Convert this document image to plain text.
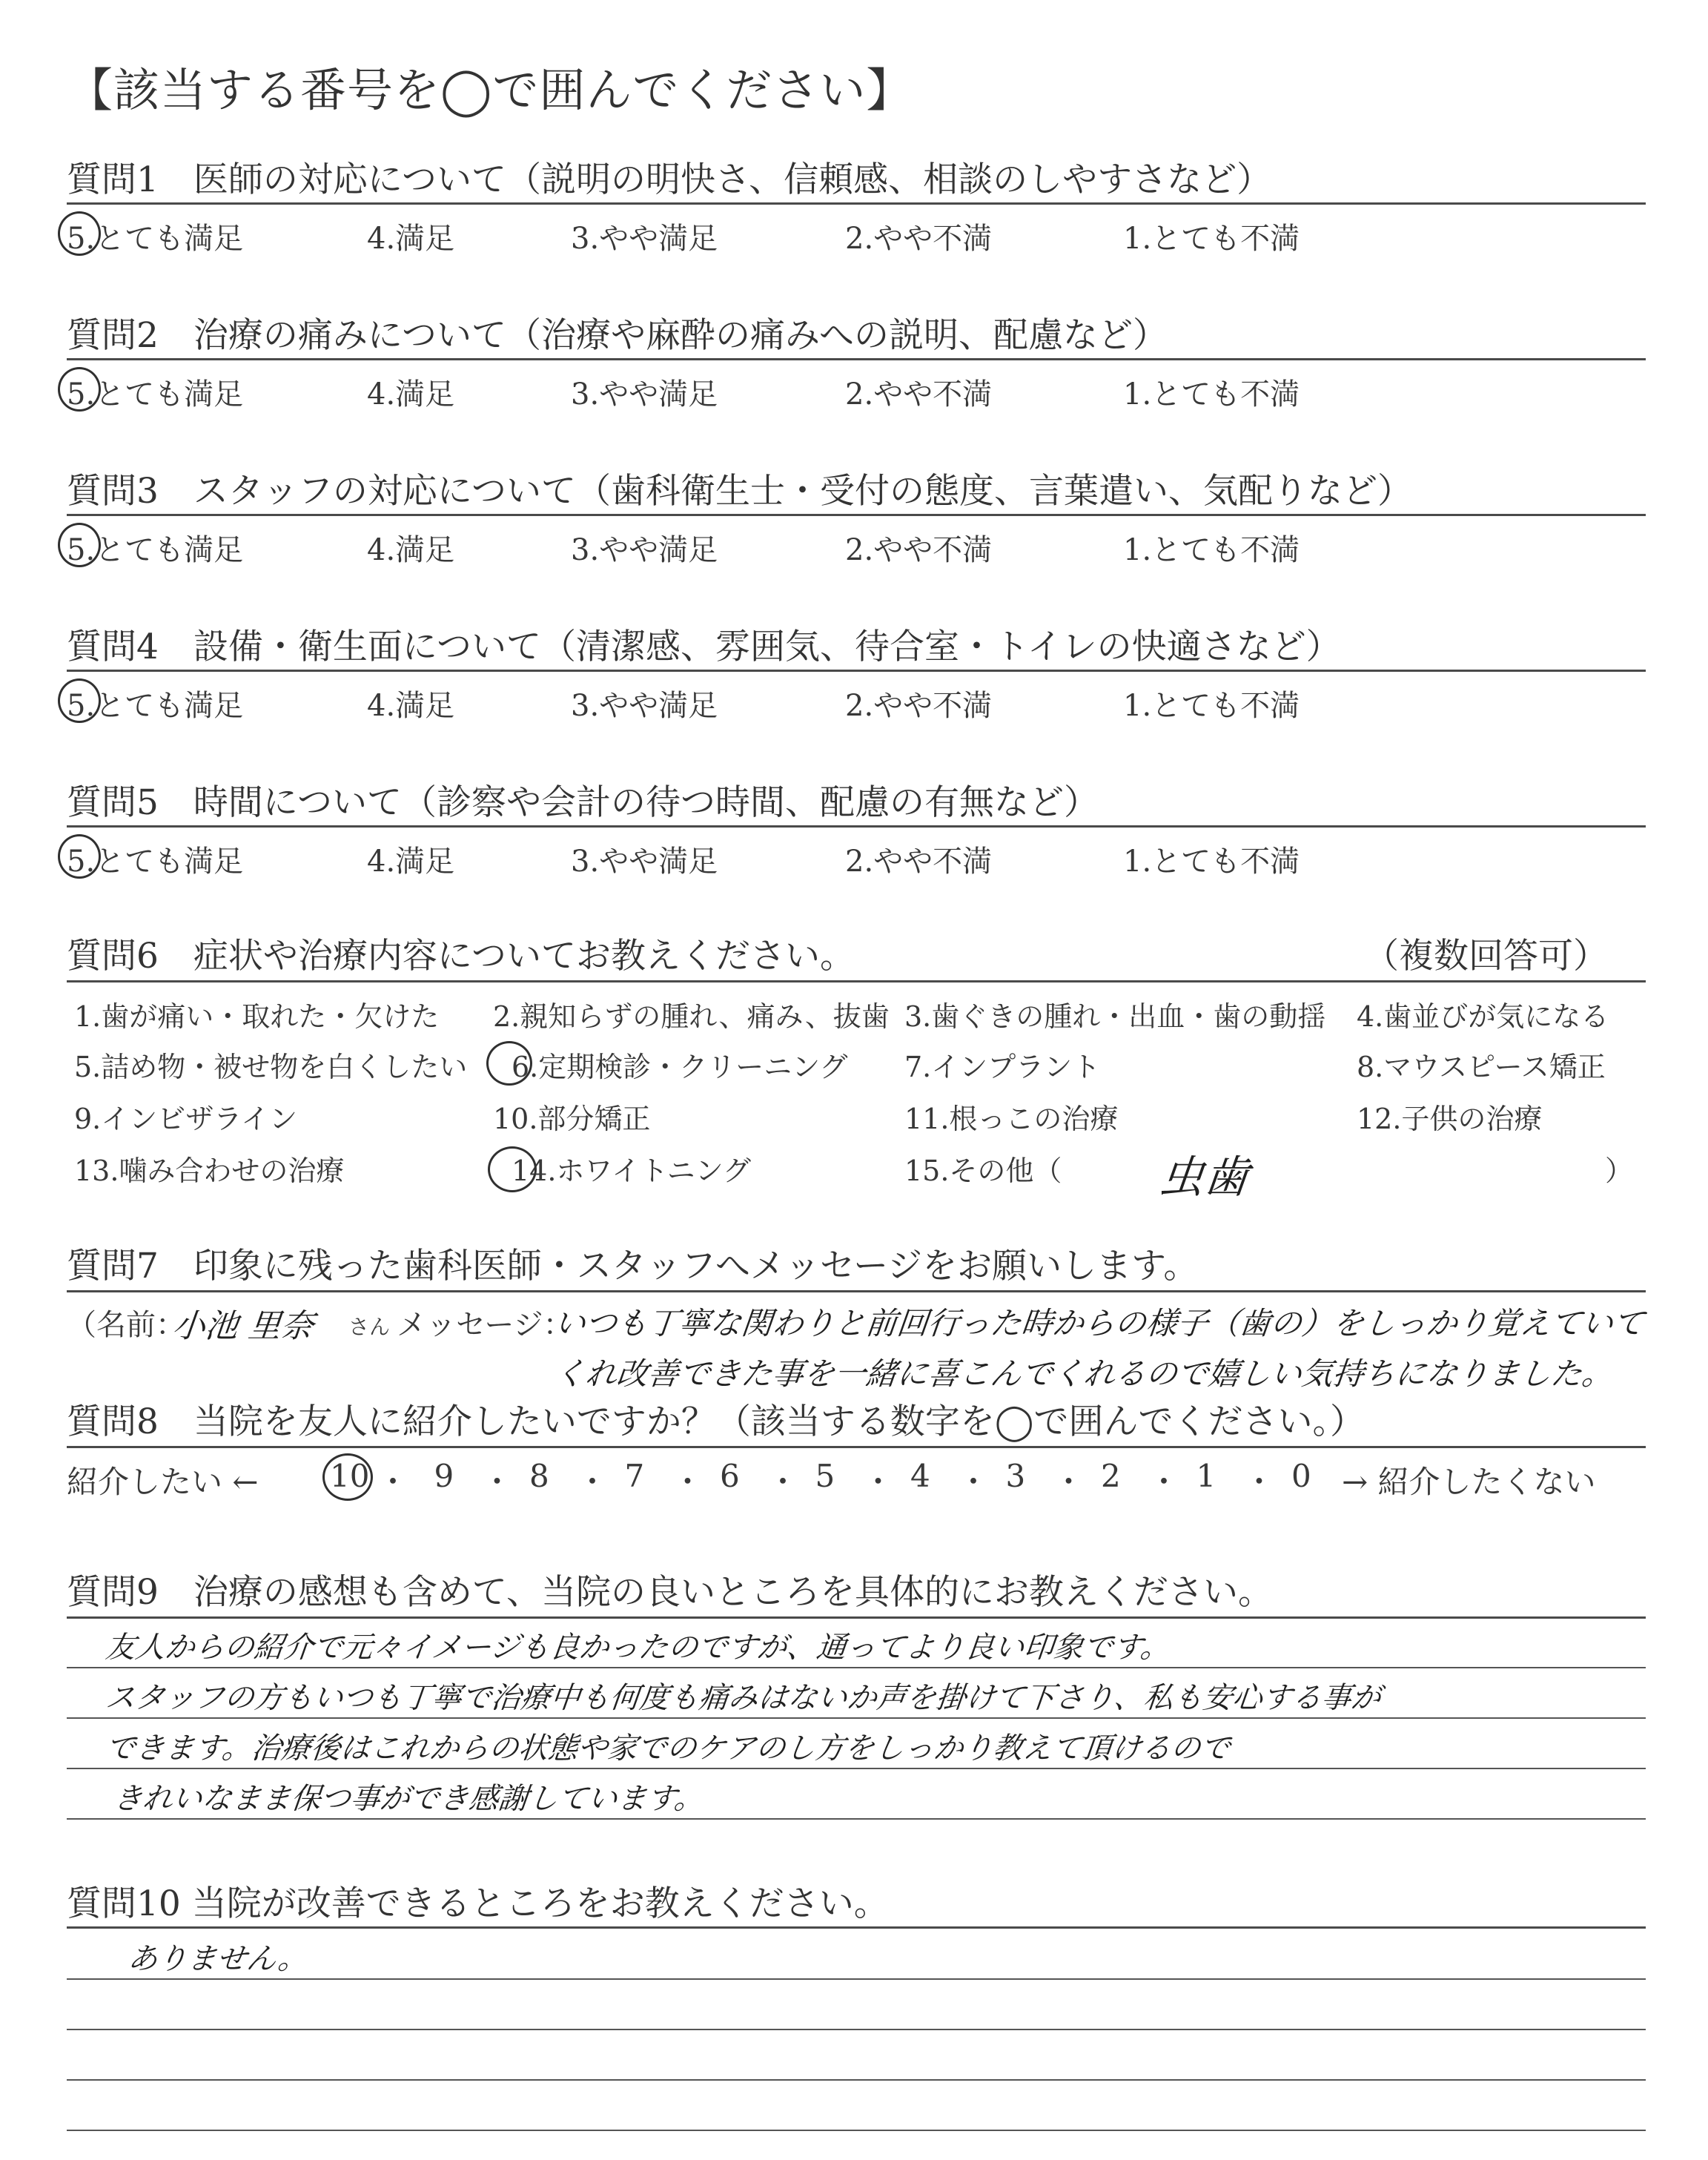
【該当する番号を◯で囲んでください】
質問1　医師の対応について（説明の明快さ、信頼感、相談のしやすさなど）
5.とても満足	4.満足	3.やや満足	2.やや不満	1.とても不満
質問2　治療の痛みについて（治療や麻酔の痛みへの説明、配慮など）
5.とても満足	4.満足	3.やや満足	2.やや不満	1.とても不満
質問3　スタッフの対応について（歯科衛生士・受付の態度、言葉遣い、気配りなど）
5.とても満足	4.満足	3.やや満足	2.やや不満	1.とても不満
質問4　設備・衛生面について（清潔感、雰囲気、待合室・トイレの快適さなど）
5.とても満足	4.満足	3.やや満足	2.やや不満	1.とても不満
質問5　時間について（診察や会計の待つ時間、配慮の有無など）
5.とても満足	4.満足	3.やや満足	2.やや不満	1.とても不満
質問6　症状や治療内容についてお教えください。	（複数回答可）
1.歯が痛い・取れた・欠けた 2.親知らずの腫れ、痛み、抜歯 3.歯ぐきの腫れ・出血・歯の動揺 4.歯並びが気になる
5.詰め物・被せ物を白くしたい 6.定期検診・クリーニング 7.インプラント	8.マウスピース矯正
9.インビザライン	10.部分矯正	11.根っこの治療	12.子供の治療
13.噛み合わせの治療	14.ホワイトニング	15.その他（	）
虫歯
質問7　印象に残った歯科医師・スタッフへメッセージをお願いします。
（名前：
小池 里奈 さん メッセージ：
いつも丁寧な関わりと前回行った時からの様子（歯の）をしっかり覚えていて
くれ改善できた事を一緒に喜こんでくれるので嬉しい気持ちになりました。
質問8　当院を友人に紹介したいですか？（該当する数字を◯で囲んでください。）
紹介したい ← 10 ・ 9 ・ 8 ・ 7 ・ 6 ・ 5 ・ 4 ・ 3 ・ 2 ・ 1 ・ 0 → 紹介したくない
質問9　治療の感想も含めて、当院の良いところを具体的にお教えください。
友人からの紹介で元々イメージも良かったのですが、通ってより良い印象です。
スタッフの方もいつも丁寧で治療中も何度も痛みはないか声を掛けて下さり、私も安心する事が
できます。治療後はこれからの状態や家でのケアのし方をしっかり教えて頂けるので
きれいなまま保つ事ができ感謝しています。
質問10 当院が改善できるところをお教えください。
ありません。
